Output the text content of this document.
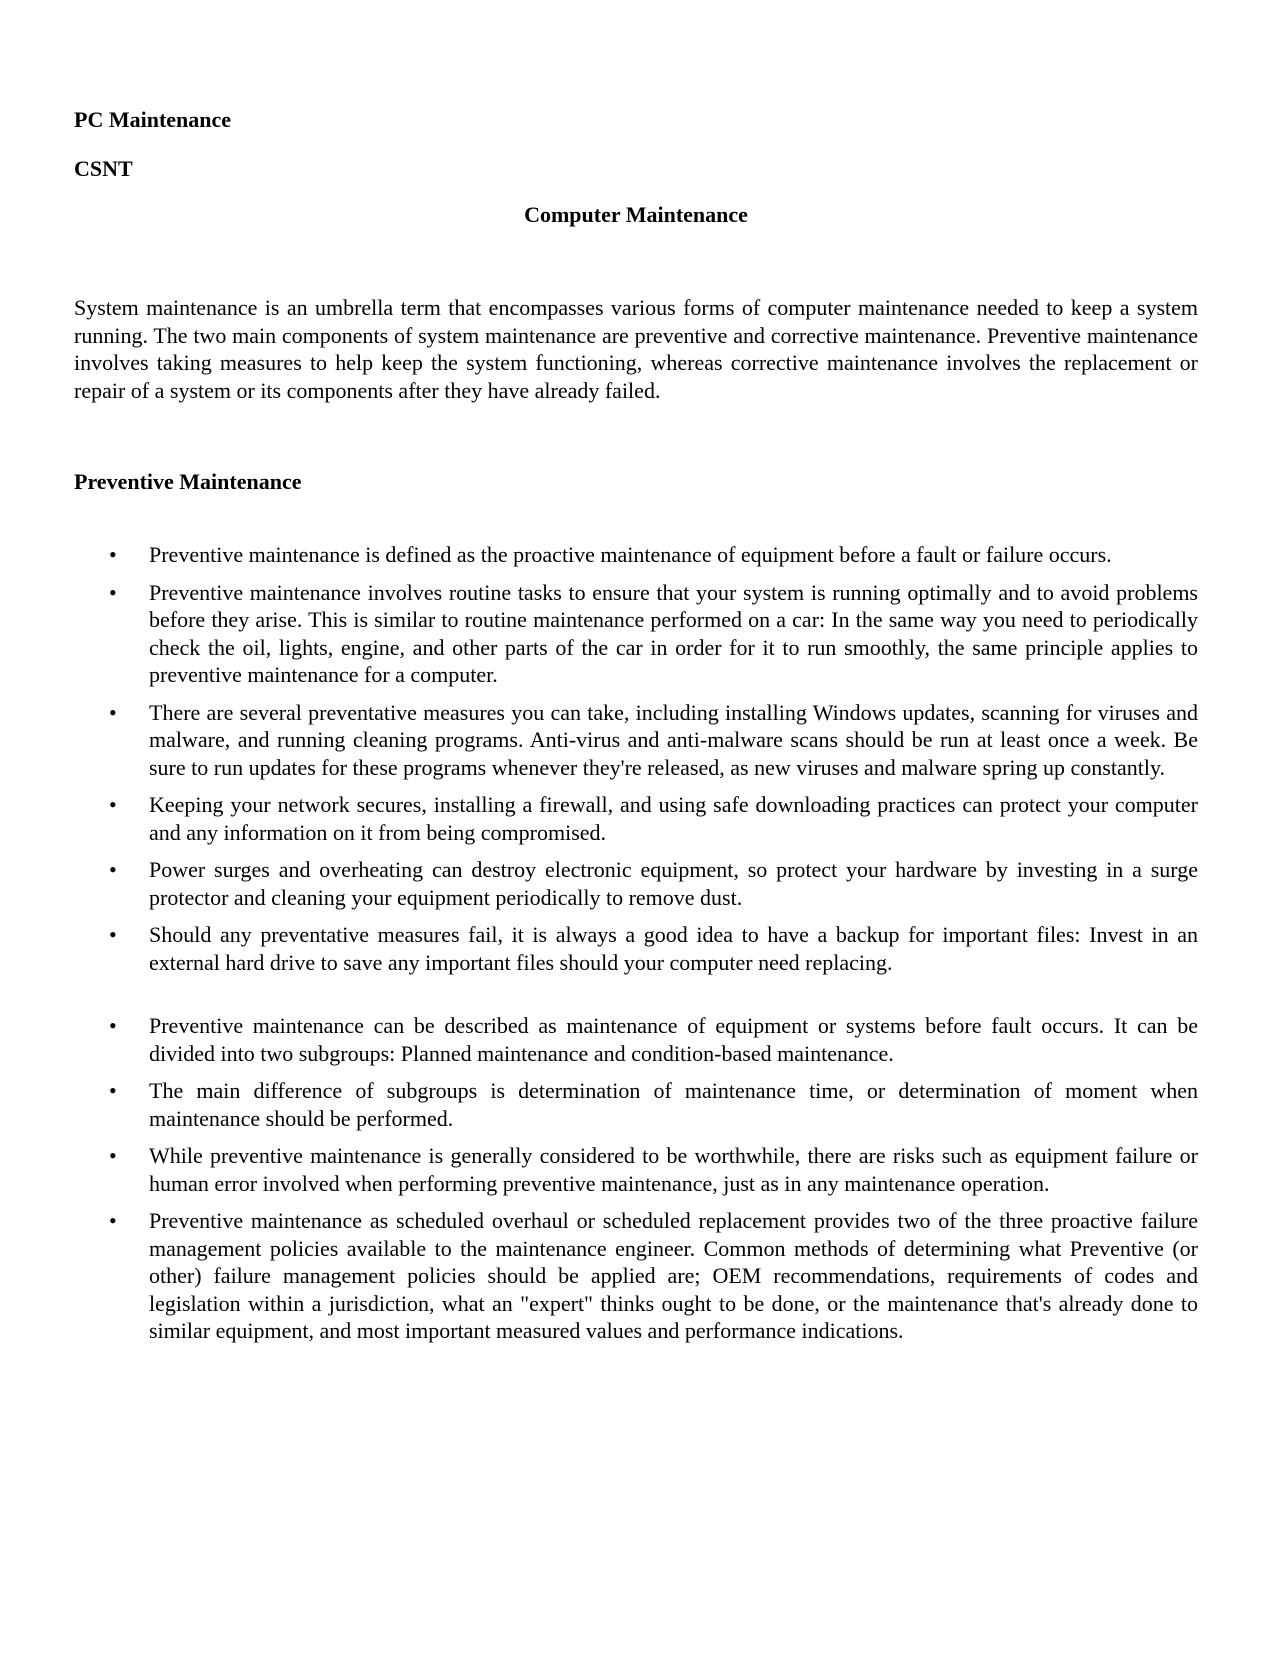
PC Maintenance

CSNT

Computer Maintenance

System maintenance is an umbrella term that encompasses various forms of computer maintenance needed to keep a system running. The two main components of system maintenance are preventive and corrective maintenance. Preventive maintenance involves taking measures to help keep the system functioning, whereas corrective maintenance involves the replacement or repair of a system or its components after they have already failed.

Preventive Maintenance

• Preventive maintenance is defined as the proactive maintenance of equipment before a fault or failure occurs.
• Preventive maintenance involves routine tasks to ensure that your system is running optimally and to avoid problems before they arise. This is similar to routine maintenance performed on a car: In the same way you need to periodically check the oil, lights, engine, and other parts of the car in order for it to run smoothly, the same principle applies to preventive maintenance for a computer.
• There are several preventative measures you can take, including installing Windows updates, scanning for viruses and malware, and running cleaning programs. Anti-virus and anti-malware scans should be run at least once a week. Be sure to run updates for these programs whenever they're released, as new viruses and malware spring up constantly.
• Keeping your network secures, installing a firewall, and using safe downloading practices can protect your computer and any information on it from being compromised.
• Power surges and overheating can destroy electronic equipment, so protect your hardware by investing in a surge protector and cleaning your equipment periodically to remove dust.
• Should any preventative measures fail, it is always a good idea to have a backup for important files: Invest in an external hard drive to save any important files should your computer need replacing.
• Preventive maintenance can be described as maintenance of equipment or systems before fault occurs. It can be divided into two subgroups: Planned maintenance and condition-based maintenance.
• The main difference of subgroups is determination of maintenance time, or determination of moment when maintenance should be performed.
• While preventive maintenance is generally considered to be worthwhile, there are risks such as equipment failure or human error involved when performing preventive maintenance, just as in any maintenance operation.
• Preventive maintenance as scheduled overhaul or scheduled replacement provides two of the three proactive failure management policies available to the maintenance engineer. Common methods of determining what Preventive (or other) failure management policies should be applied are; OEM recommendations, requirements of codes and legislation within a jurisdiction, what an "expert" thinks ought to be done, or the maintenance that's already done to similar equipment, and most important measured values and performance indications.
